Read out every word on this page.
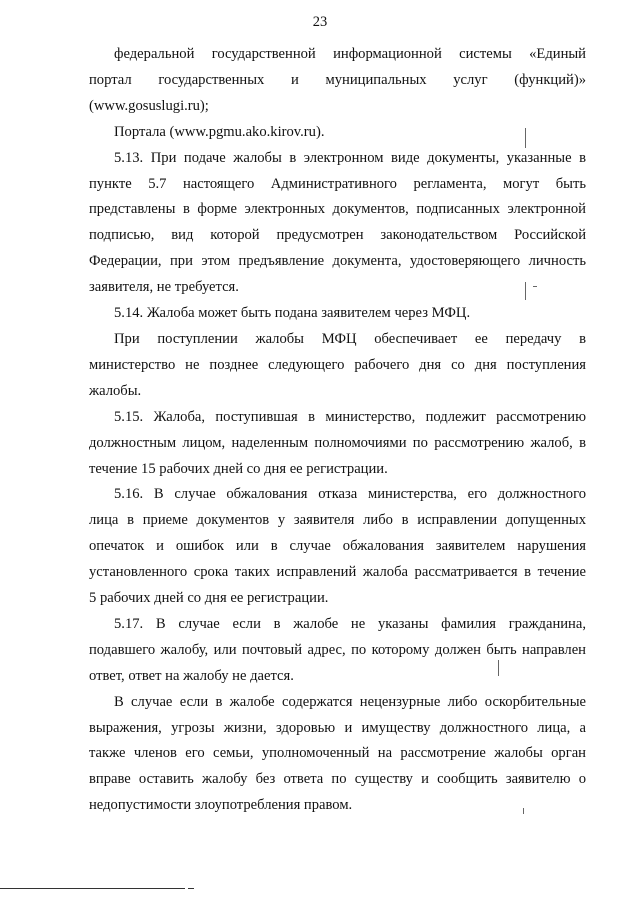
23

федеральной государственной информационной системы «Единый
портал государственных и муниципальных услуг (функций)»
(www.gosuslugi.ru);

Портала (www.pgmu.ako.kirov.ru).

5.13. При подаче жалобы в электронном виде документы, указанные в
пункте 5.7 настоящего Административного регламента, могут быть
представлены в форме электронных документов, подписанных электронной
подписью, вид которой предусмотрен законодательством Российской
Федерации, при этом предъявление документа, удостоверяющего личность
заявителя, не требуется.

5.14. Жалоба может быть подана заявителем через МФЦ.

При поступлении жалобы МФЦ обеспечивает ее передачу в
министерство не позднее следующего рабочего дня со дня поступления
жалобы.

5.15. Жалоба, поступившая в министерство, подлежит рассмотрению
должностным лицом, наделенным полномочиями по рассмотрению жалоб, в
течение 15 рабочих дней со дня ее регистрации.

5.16. В случае обжалования отказа министерства, его должностного
лица в приеме документов у заявителя либо в исправлении допущенных
опечаток и ошибок или в случае обжалования заявителем нарушения
установленного срока таких исправлений жалоба рассматривается в течение
5 рабочих дней со дня ее регистрации.

5.17. В случае если в жалобе не указаны фамилия гражданина,
подавшего жалобу, или почтовый адрес, по которому должен быть направлен
ответ, ответ на жалобу не дается.

В случае если в жалобе содержатся нецензурные либо оскорбительные
выражения, угрозы жизни, здоровью и имуществу должностного лица, а
также членов его семьи, уполномоченный на рассмотрение жалобы орган
вправе оставить жалобу без ответа по существу и сообщить заявителю о
недопустимости злоупотребления правом.
